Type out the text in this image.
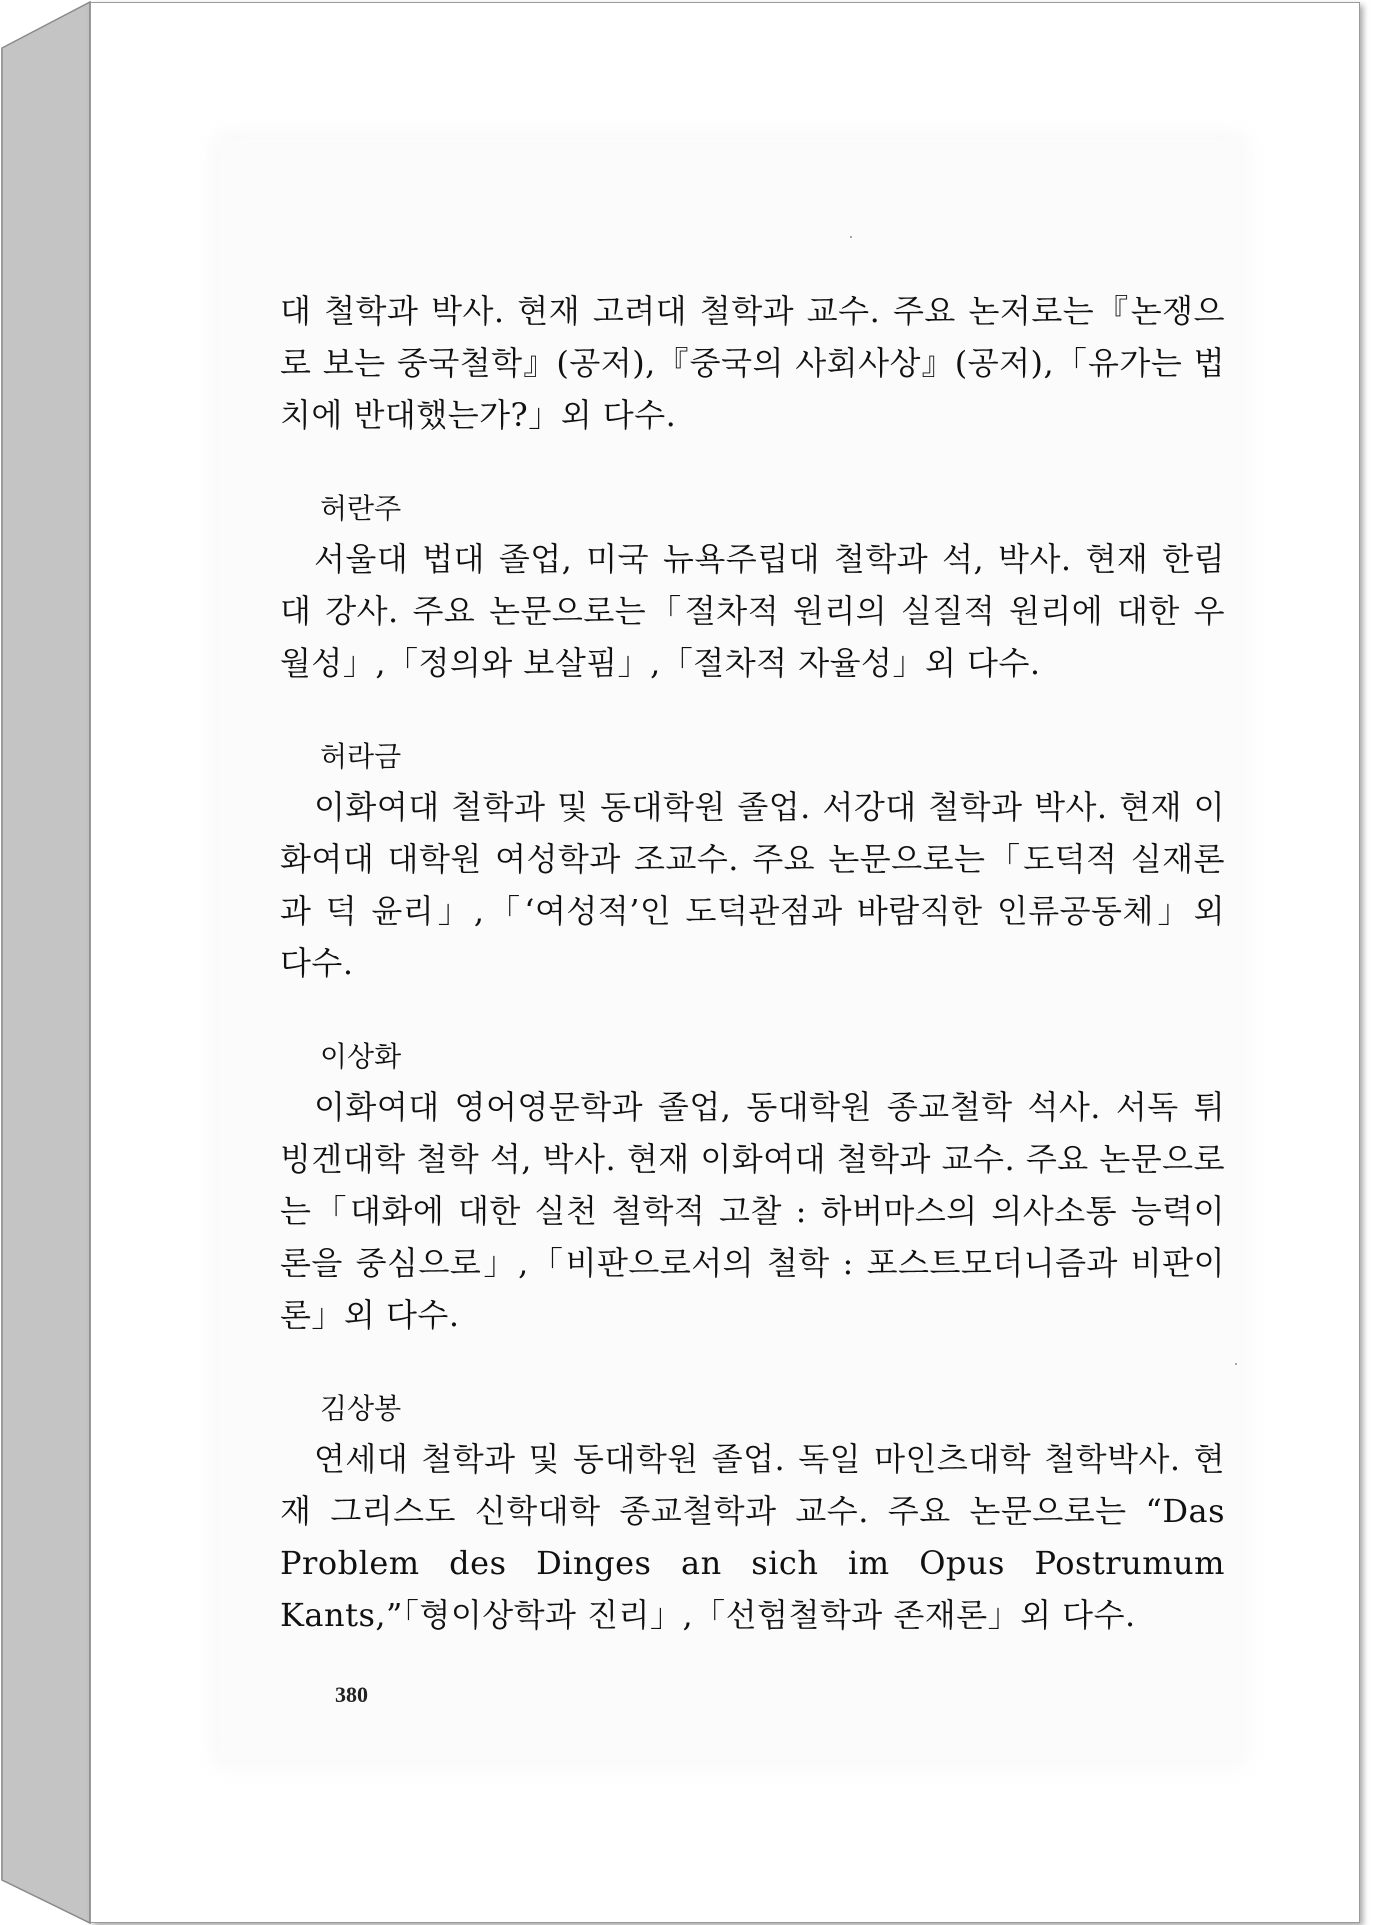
대 철학과 박사. 현재 고려대 철학과 교수. 주요 논저로는『논쟁으로 보는 중국철학』(공저),『중국의 사회사상』(공저),「유가는 법치에 반대했는가?」외 다수.

허란주

서울대 법대 졸업, 미국 뉴욕주립대 철학과 석, 박사. 현재 한림대 강사. 주요 논문으로는「절차적 원리의 실질적 원리에 대한 우월성」,「정의와 보살핌」,「절차적 자율성」외 다수.

허라금

이화여대 철학과 및 동대학원 졸업. 서강대 철학과 박사. 현재 이화여대 대학원 여성학과 조교수. 주요 논문으로는「도덕적 실재론과 덕 윤리」,「‘여성적’인 도덕관점과 바람직한 인류공동체」외 다수.

이상화

이화여대 영어영문학과 졸업, 동대학원 종교철학 석사. 서독 튀빙겐대학 철학 석, 박사. 현재 이화여대 철학과 교수. 주요 논문으로는「대화에 대한 실천 철학적 고찰 : 하버마스의 의사소통 능력이론을 중심으로」,「비판으로서의 철학 : 포스트모더니즘과 비판이론」외 다수.

김상봉

연세대 철학과 및 동대학원 졸업. 독일 마인츠대학 철학박사. 현재 그리스도 신학대학 종교철학과 교수. 주요 논문으로는 “Das Problem des Dinges an sich im Opus Postrumum Kants,”「형이상학과 진리」,「선험철학과 존재론」외 다수.

380
